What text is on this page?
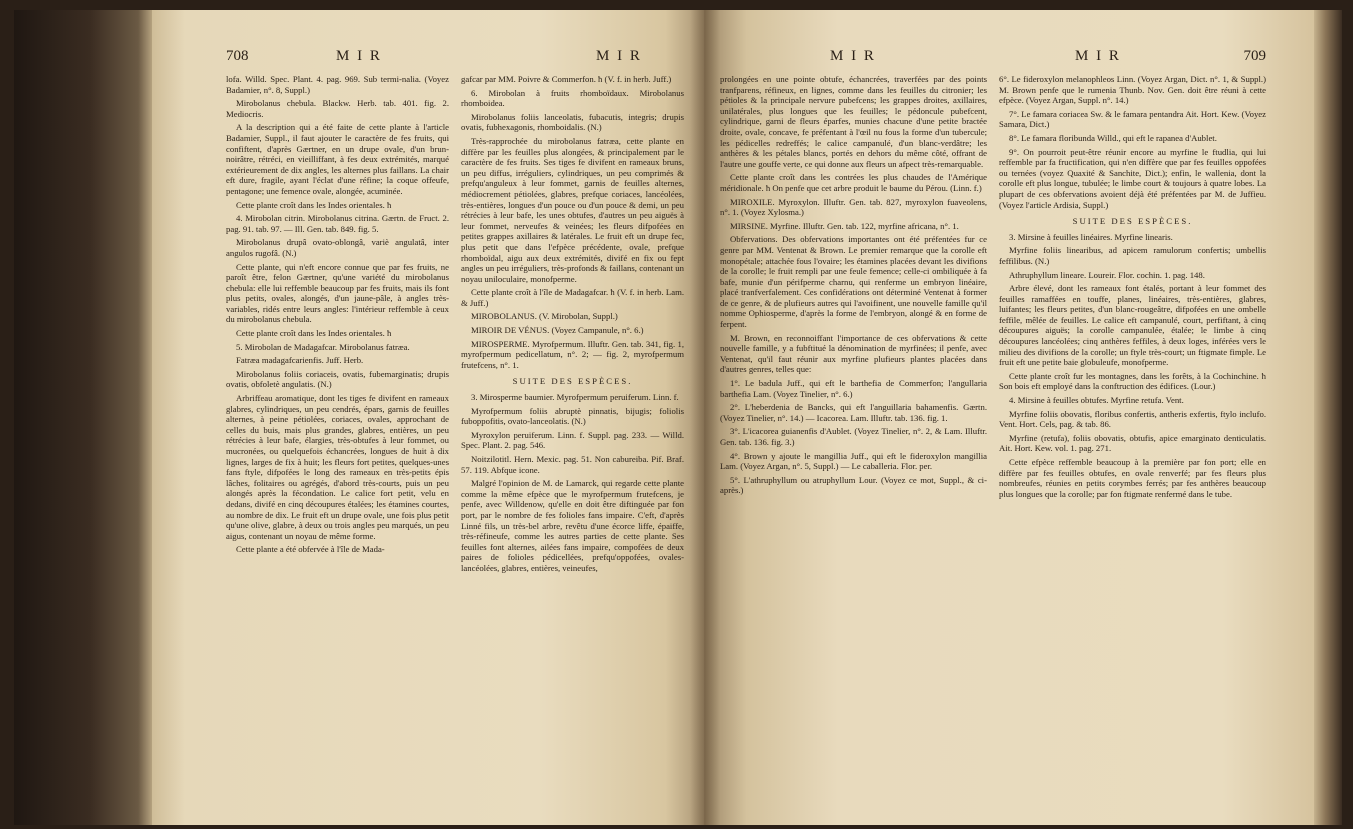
708	M I R	M I R

lofa. Willd. Spec. Plant. 4. pag. 969. Sub termi-nalia. (Voyez Badamier, n°. 8, Suppl.)

Mirobolanus chebula. Blackw. Herb. tab. 401. fig. 2. Mediocris.

A la description qui a été faite de cette plante à l'article Badamier, Suppl., il faut ajouter le caractère de fes fruits, qui confiftent, d'après Gærtner, en un drupe ovale, d'un brun-noirâtre, rétréci, en vieilliffant, à fes deux extrémités, marqué extérieurement de dix angles, les alternes plus faillans. La chair eft dure, fragile, ayant l'éclat d'une réfine; la coque offeufe, pentagone; une femence ovale, alongée, acuminée.

Cette plante croît dans les Indes orientales. ħ

4. Mirobolan citrin. Mirobolanus citrina. Gærtn. de Fruct. 2. pag. 91. tab. 97. — Ill. Gen. tab. 849. fig. 5.

Mirobolanus drupâ ovato-oblongâ, variè angulatâ, inter angulos rugofâ. (N.)

Cette plante, qui n'eft encore connue que par fes fruits, ne paroît être, felon Gærtner, qu'une variété du mirobolanus chebula: elle lui reffemble beaucoup par fes fruits, mais ils font plus petits, ovales, alongés, d'un jaune-pâle, à angles très-variables, ridés entre leurs angles: l'intérieur reffemble à ceux du mirobolanus chebula.

Cette plante croît dans les Indes orientales. ħ

5. Mirobolan de Madagafcar. Mirobolanus fatræa.

Fatræa madagafcarienfis. Juff. Herb.

Mirobolanus foliis coriaceis, ovatis, fubemarginatis; drupis ovatis, obfoletè angulatis. (N.)

Arbriffeau aromatique, dont les tiges fe divifent en rameaux glabres, cylindriques, un peu cendrés, épars, garnis de feuilles alternes, à peine pétiolées, coriaces, ovales, approchant de celles du buis, mais plus grandes, glabres, entières, un peu rétrécies à leur bafe, élargies, très-obtufes à leur fommet, ou mucronées, ou quelquefois échancrées, longues de huit à dix lignes, larges de fix à huit; les fleurs fort petites, quelques-unes fans ftyle, difpofées le long des rameaux en très-petits épis lâches, folitaires ou agrégés, d'abord très-courts, puis un peu alongés après la fécondation. Le calice fort petit, velu en dedans, divifé en cinq découpures étalées; les étamines courtes, au nombre de dix. Le fruit eft un drupe ovale, une fois plus petit qu'une olive, glabre, à deux ou trois angles peu marqués, un peu aigus, contenant un noyau de même forme.

Cette plante a été obfervée à l'île de Mada-

gafcar par MM. Poivre & Commerfon. ħ (V. f. in herb. Juff.)

6. Mirobolan à fruits rhomboïdaux. Mirobolanus rhomboidea.

Mirobolanus foliis lanceolatis, fubacutis, integris; drupis ovatis, fubhexagonis, rhomboidalis. (N.)

Très-rapprochée du mirobolanus fatræa, cette plante en diffère par les feuilles plus alongées, & principalement par le caractère de fes fruits. Ses tiges fe divifent en rameaux bruns, un peu diffus, irréguliers, cylindriques, un peu comprimés & prefqu'anguleux à leur fommet, garnis de feuilles alternes, médiocrement pétiolées, glabres, prefque coriaces, lancéolées, très-entières, longues d'un pouce ou d'un pouce & demi, un peu rétrécies à leur bafe, les unes obtufes, d'autres un peu aiguës à leur fommet, nerveufes & veinées; les fleurs difpofées en petites grappes axillaires & latérales. Le fruit eft un drupe fec, plus petit que dans l'efpèce précédente, ovale, prefque rhomboïdal, aigu aux deux extrémités, divifé en fix ou fept angles un peu irréguliers, très-profonds & faillans, contenant un noyau uniloculaire, monofperme.

Cette plante croît à l'île de Madagafcar. ħ (V. f. in herb. Lam. & Juff.)

MIROBOLANUS. (V. Mirobolan, Suppl.)

MIROIR DE VÉNUS. (Voyez Campanule, n°. 6.)

MIROSPERME. Myrofpermum. Illuftr. Gen. tab. 341, fig. 1, myrofpermum pedicellatum, n°. 2; — fig. 2, myrofpermum frutefcens, n°. 1.

SUITE DES ESPÈCES.

3. Mirosperme baumier. Myrofpermum peruiferum. Linn. f.

Myrofpermum foliis abruptè pinnatis, bijugis; foliolis fuboppofitis, ovato-lanceolatis. (N.)

Myroxylon peruiferum. Linn. f. Suppl. pag. 233. — Willd. Spec. Plant. 2. pag. 546.

Noitzilotitl. Hern. Mexic. pag. 51. Non cabureiba. Pif. Braf. 57. 119. Abfque icone.

Malgré l'opinion de M. de Lamarck, qui regarde cette plante comme la même efpèce que le myrofpermum frutefcens, je penfe, avec Willdenow, qu'elle en doit être diftinguée par fon port, par le nombre de fes folioles fans impaire. C'eft, d'après Linné fils, un très-bel arbre, revêtu d'une écorce liffe, épaiffe, très-réfineufe, comme les autres parties de cette plante. Ses feuilles font alternes, ailées fans impaire, compofées de deux paires de folioles pédicellées, prefqu'oppofées, ovales-lancéolées, glabres, entières, veineufes,

M I R	M I R	709

prolongées en une pointe obtufe, échancrées, traverfées par des points tranfparens, réfineux, en lignes, comme dans les feuilles du citronier; les pétioles & la principale nervure pubefcens; les grappes droites, axillaires, unilatérales, plus longues que les feuilles; le pédoncule pubefcent, cylindrique, garni de fleurs éparfes, munies chacune d'une petite bractée droite, ovale, concave, fe préfentant à l'œil nu fous la forme d'un tubercule; les pédicelles redreffés; le calice campanulé, d'un blanc-verdâtre; les anthères & les pétales blancs, portés en dehors du même côté, offrant de l'autre une gouffe verte, ce qui donne aux fleurs un afpect très-remarquable.

Cette plante croît dans les contrées les plus chaudes de l'Amérique méridionale. ħ On penfe que cet arbre produit le baume du Pérou. (Linn. f.)

MIROXILE. Myroxylon. Illuftr. Gen. tab. 827, myroxylon fuaveolens, n°. 1. (Voyez Xylosma.)

MIRSINE. Myrfine. Illuftr. Gen. tab. 122, myrfine africana, n°. 1.

Obfervations. Des obfervations importantes ont été préfentées fur ce genre par MM. Ventenat & Brown. Le premier remarque que la corolle eft monopétale; attachée fous l'ovaire; les étamines placées devant les divifions de la corolle; le fruit rempli par une feule femence; celle-ci ombiliquée à fa bafe, munie d'un périfperme charnu, qui renferme un embryon linéaire, placé tranfverfalement. Ces confidérations ont déterminé Ventenat à former de ce genre, & de plufieurs autres qui l'avoifinent, une nouvelle famille qu'il nomme Ophiosperme, d'après la forme de l'embryon, alongé & en forme de ferpent.

M. Brown, en reconnoiffant l'importance de ces obfervations & cette nouvelle famille, y a fubftitué la dénomination de myrfinées; il penfe, avec Ventenat, qu'il faut réunir aux myrfine plufieurs plantes placées dans d'autres genres, telles que:

1°. Le badula Juff., qui eft le barthefia de Commerfon; l'angullaria barthefia Lam. (Voyez Tinelier, n°. 6.)

2°. L'heberdenia de Bancks, qui eft l'anguillaria bahamenfis. Gærtn. (Voyez Tinelier, n°. 14.) — Icacorea. Lam. Illuftr. tab. 136. fig. 1.

3°. L'icacorea guianenfis d'Aublet. (Voyez Tinelier, n°. 2, & Lam. Illuftr. Gen. tab. 136. fig. 3.)

4°. Brown y ajoute le mangillia Juff., qui eft le fideroxylon mangillia Lam. (Voyez Argan, n°. 5, Suppl.) — Le caballeria. Flor. per.

5°. L'athruphyllum ou atruphyllum Lour. (Voyez ce mot, Suppl., & ci-après.)

6°. Le fideroxylon melanophleos Linn. (Voyez Argan, Dict. n°. 1, & Suppl.) M. Brown penfe que le rumenia Thunb. Nov. Gen. doit être réuni à cette efpèce. (Voyez Argan, Suppl. n°. 14.)

7°. Le famara coriacea Sw. & le famara pentandra Ait. Hort. Kew. (Voyez Samara, Dict.)

8°. Le famara floribunda Willd., qui eft le rapanea d'Aublet.

9°. On pourroit peut-être réunir encore au myrfine le ftudlia, qui lui reffemble par fa fructification, qui n'en diffère que par fes feuilles oppofées ou ternées (voyez Quaxité & Sanchite, Dict.); enfin, le wallenia, dont la corolle eft plus longue, tubulée; le limbe court & toujours à quatre lobes. La plupart de ces obfervations avoient déjà été préfentées par M. de Juffieu. (Voyez l'article Ardisia, Suppl.)

SUITE DES ESPÈCES.

3. Mirsine à feuilles linéaires. Myrfine linearis.

Myrfine foliis linearibus, ad apicem ramulorum confertis; umbellis feffilibus. (N.)

Athruphyllum lineare. Loureir. Flor. cochin. 1. pag. 148.

Arbre élevé, dont les rameaux font étalés, portant à leur fommet des feuilles ramaffées en touffe, planes, linéaires, très-entières, glabres, luifantes; les fleurs petites, d'un blanc-rougeâtre, difpofées en une ombelle feffile, mêlée de feuilles. Le calice eft campanulé, court, perfiftant, à cinq découpures aiguës; la corolle campanulée, étalée; le limbe à cinq découpures lancéolées; cinq anthères feffiles, à deux loges, inférées vers le milieu des divifions de la corolle; un ftyle très-court; un ftigmate fimple. Le fruit eft une petite baie globuleufe, monofperme.

Cette plante croît fur les montagnes, dans les forêts, à la Cochinchine. ħ Son bois eft employé dans la conftruction des édifices. (Lour.)

4. Mirsine à feuilles obtufes. Myrfine retufa. Vent.

Myrfine foliis obovatis, floribus confertis, antheris exfertis, ftylo inclufo. Vent. Hort. Cels, pag. & tab. 86.

Myrfine (retufa), foliis obovatis, obtufis, apice emarginato denticulatis. Ait. Hort. Kew. vol. 1. pag. 271.

Cette efpèce reffemble beaucoup à la première par fon port; elle en diffère par fes feuilles obtufes, en ovale renverfé; par fes fleurs plus nombreufes, réunies en petits corymbes ferrés; par fes anthères beaucoup plus longues que la corolle; par fon ftigmate renfermé dans le tube.
